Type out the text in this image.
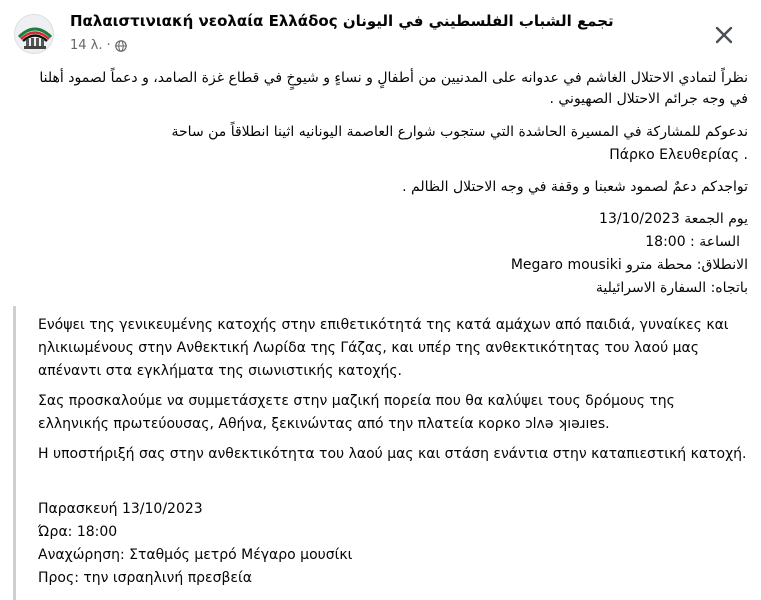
Παλαιστινιακή νεολαία Ελλάδος تجمع الشباب الفلسطيني في اليونان
14 λ. ·

نظراً لتمادي الاحتلال الغاشم في عدوانه على المدنيين من أطفالٍ و نساءٍ و شيوخٍ في قطاع غزة الصامد، و دعماً لصمود أهلنا في وجه جرائم الاحتلال الصهيوني .

ندعوكم للمشاركة في المسيرة الحاشدة التي ستجوب شوارع العاصمة اليونانيه اثينا انطلاقاً من ساحة

Πάρκο Ελευθερίας .

تواجدكم دعمٌ لصمود شعبنا و وقفة في وجه الاحتلال الظالم .

يوم الجمعة 13/10/2023
الساعة : 18:00
الانطلاق: محطة مترو Megaro mousiki
باتجاه: السفارة الاسرائيلية
Ενόψει της γενικευμένης κατοχής στην επιθετικότητά της κατά αμάχων από παιδιά, γυναίκες και ηλικιωμένους στην Ανθεκτική Λωρίδα της Γάζας, και υπέρ της ανθεκτικότητας του λαού μας απέναντι στα εγκλήματα της σιωνιστικής κατοχής.
Σας προσκαλούμε να συμμετάσχετε στην μαζική πορεία που θα καλύψει τους δρόμους της ελληνικής πρωτεύουσας, Αθήνα, ξεκινώντας από την πλατεία κορκο ɔlʌǝ ʞıǝɹıɐs.
Η υποστήριξή σας στην ανθεκτικότητα του λαού μας και στάση ενάντια στην καταπιεστική κατοχή.
Παρασκευή 13/10/2023
Ώρα: 18:00
Αναχώρηση: Σταθμός μετρό Μέγαρο μουσίκι
Προς: την ισραηλινή πρεσβεία
